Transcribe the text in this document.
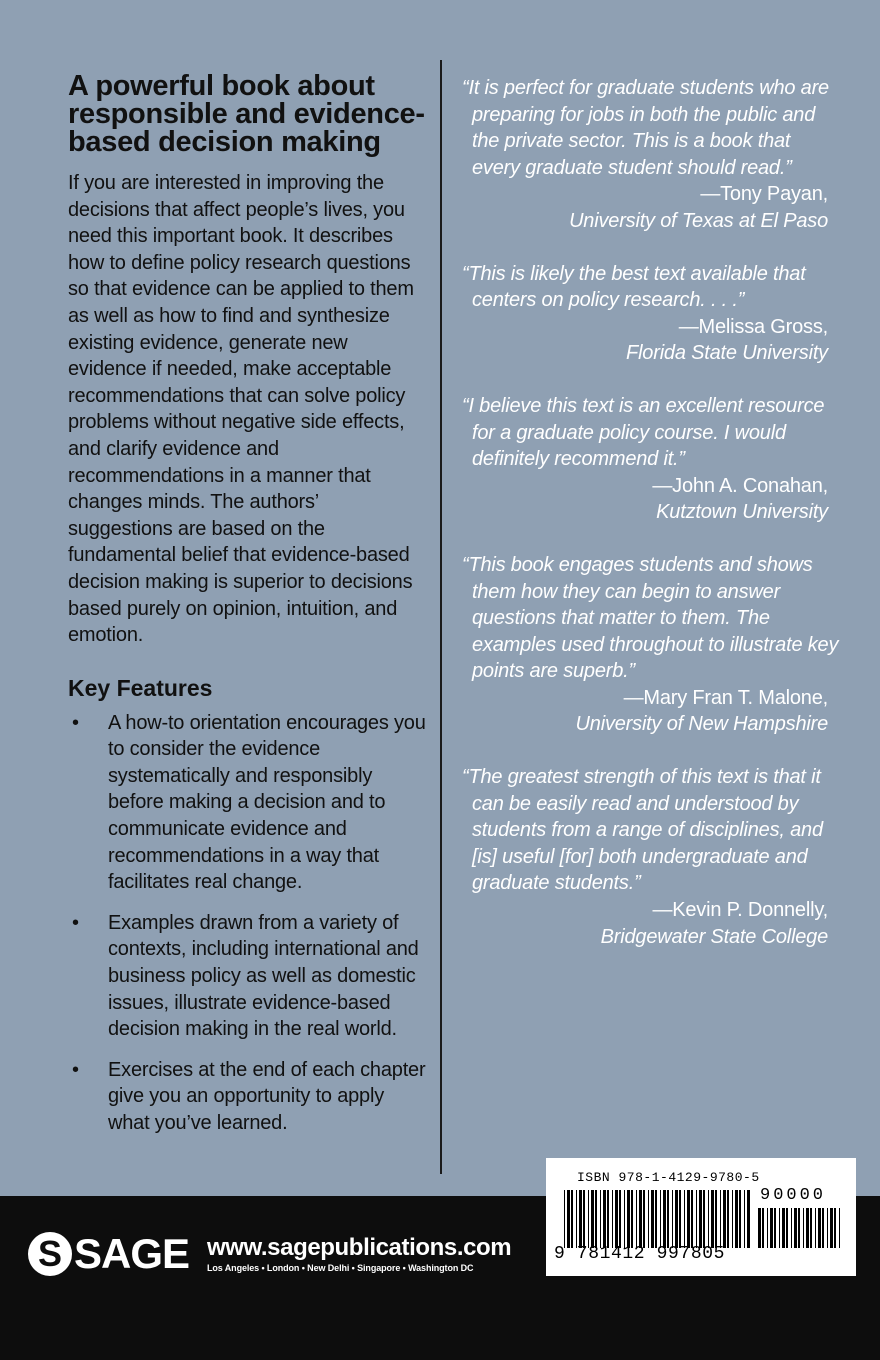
A powerful book about responsible and evidence-based decision making

If you are interested in improving the decisions that affect people’s lives, you need this important book. It describes how to define policy research questions so that evidence can be applied to them as well as how to find and synthesize existing evidence, generate new evidence if needed, make acceptable recommendations that can solve policy problems without negative side effects, and clarify evidence and recommendations in a manner that changes minds. The authors’ suggestions are based on the fundamental belief that evidence-based decision making is superior to decisions based purely on opinion, intuition, and emotion.

Key Features
• A how-to orientation encourages you to consider the evidence systematically and responsibly before making a decision and to communicate evidence and recommendations in a way that facilitates real change.
• Examples drawn from a variety of contexts, including international and business policy as well as domestic issues, illustrate evidence-based decision making in the real world.
• Exercises at the end of each chapter give you an opportunity to apply what you’ve learned.

“It is perfect for graduate students who are preparing for jobs in both the public and the private sector. This is a book that every graduate student should read.”

—Tony Payan,

University of Texas at El Paso

“This is likely the best text available that centers on policy research. . . .”

—Melissa Gross,

Florida State University

“I believe this text is an excellent resource for a graduate policy course. I would definitely recommend it.”

—John A. Conahan,

Kutztown University

“This book engages students and shows them how they can begin to answer questions that matter to them. The examples used throughout to illustrate key points are superb.”

—Mary Fran T. Malone,

University of New Hampshire

“The greatest strength of this text is that it can be easily read and understood by students from a range of disciplines, and [is] useful [for] both undergraduate and graduate students.”

—Kevin P. Donnelly,

Bridgewater State College

S SAGE www.sagepublications.com
Los Angeles • London • New Delhi • Singapore • Washington DC
ISBN 978-1-4129-9780-5
90000
9 781412 997805
